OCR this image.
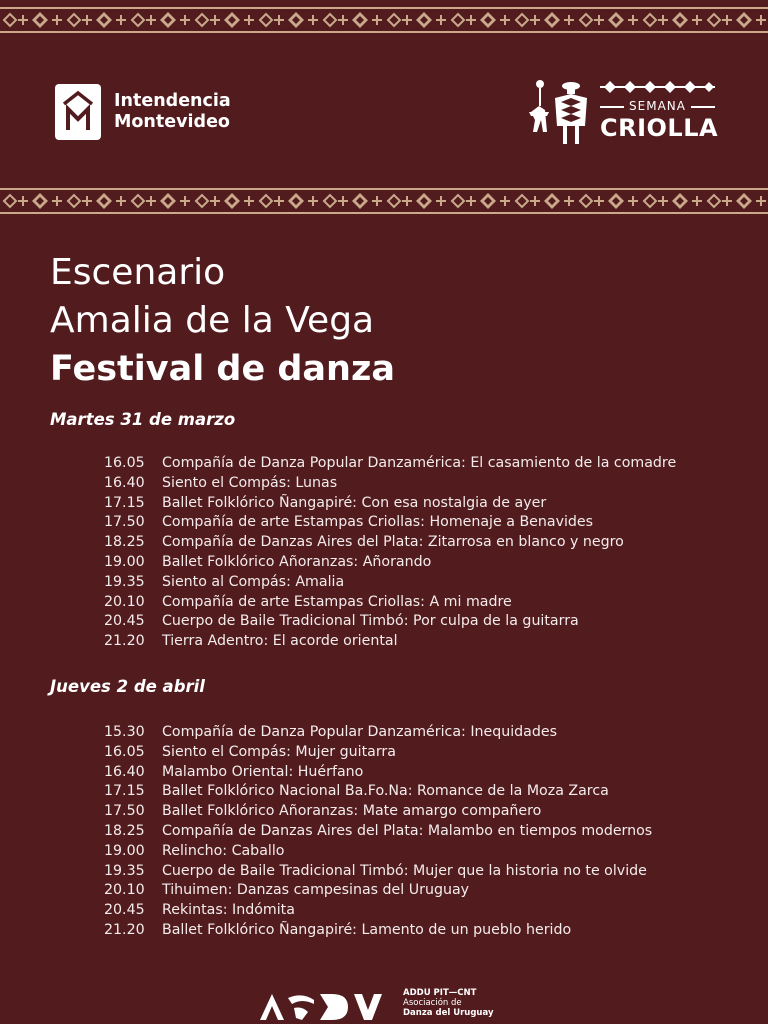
Intendencia
Montevideo
SEMANA
CRIOLLA
Escenario
Amalia de la Vega
Festival de danza
Martes 31 de marzo
16.05 Compañía de Danza Popular Danzamérica: El casamiento de la comadre
16.40 Siento el Compás: Lunas
17.15 Ballet Folklórico Ñangapiré: Con esa nostalgia de ayer
17.50 Compañía de arte Estampas Criollas: Homenaje a Benavides
18.25 Compañía de Danzas Aires del Plata: Zitarrosa en blanco y negro
19.00 Ballet Folklórico Añoranzas: Añorando
19.35 Siento al Compás: Amalia
20.10 Compañía de arte Estampas Criollas: A mi madre
20.45 Cuerpo de Baile Tradicional Timbó: Por culpa de la guitarra
21.20 Tierra Adentro: El acorde oriental
Jueves 2 de abril
15.30 Compañía de Danza Popular Danzamérica: Inequidades
16.05 Siento el Compás: Mujer guitarra
16.40 Malambo Oriental: Huérfano
17.15 Ballet Folklórico Nacional Ba.Fo.Na: Romance de la Moza Zarca
17.50 Ballet Folklórico Añoranzas: Mate amargo compañero
18.25 Compañía de Danzas Aires del Plata: Malambo en tiempos modernos
19.00 Relincho: Caballo
19.35 Cuerpo de Baile Tradicional Timbó: Mujer que la historia no te olvide
20.10 Tihuimen: Danzas campesinas del Uruguay
20.45 Rekintas: Indómita
21.20 Ballet Folklórico Ñangapiré: Lamento de un pueblo herido
ADDU PIT—CNT
Asociación de
Danza del Uruguay
